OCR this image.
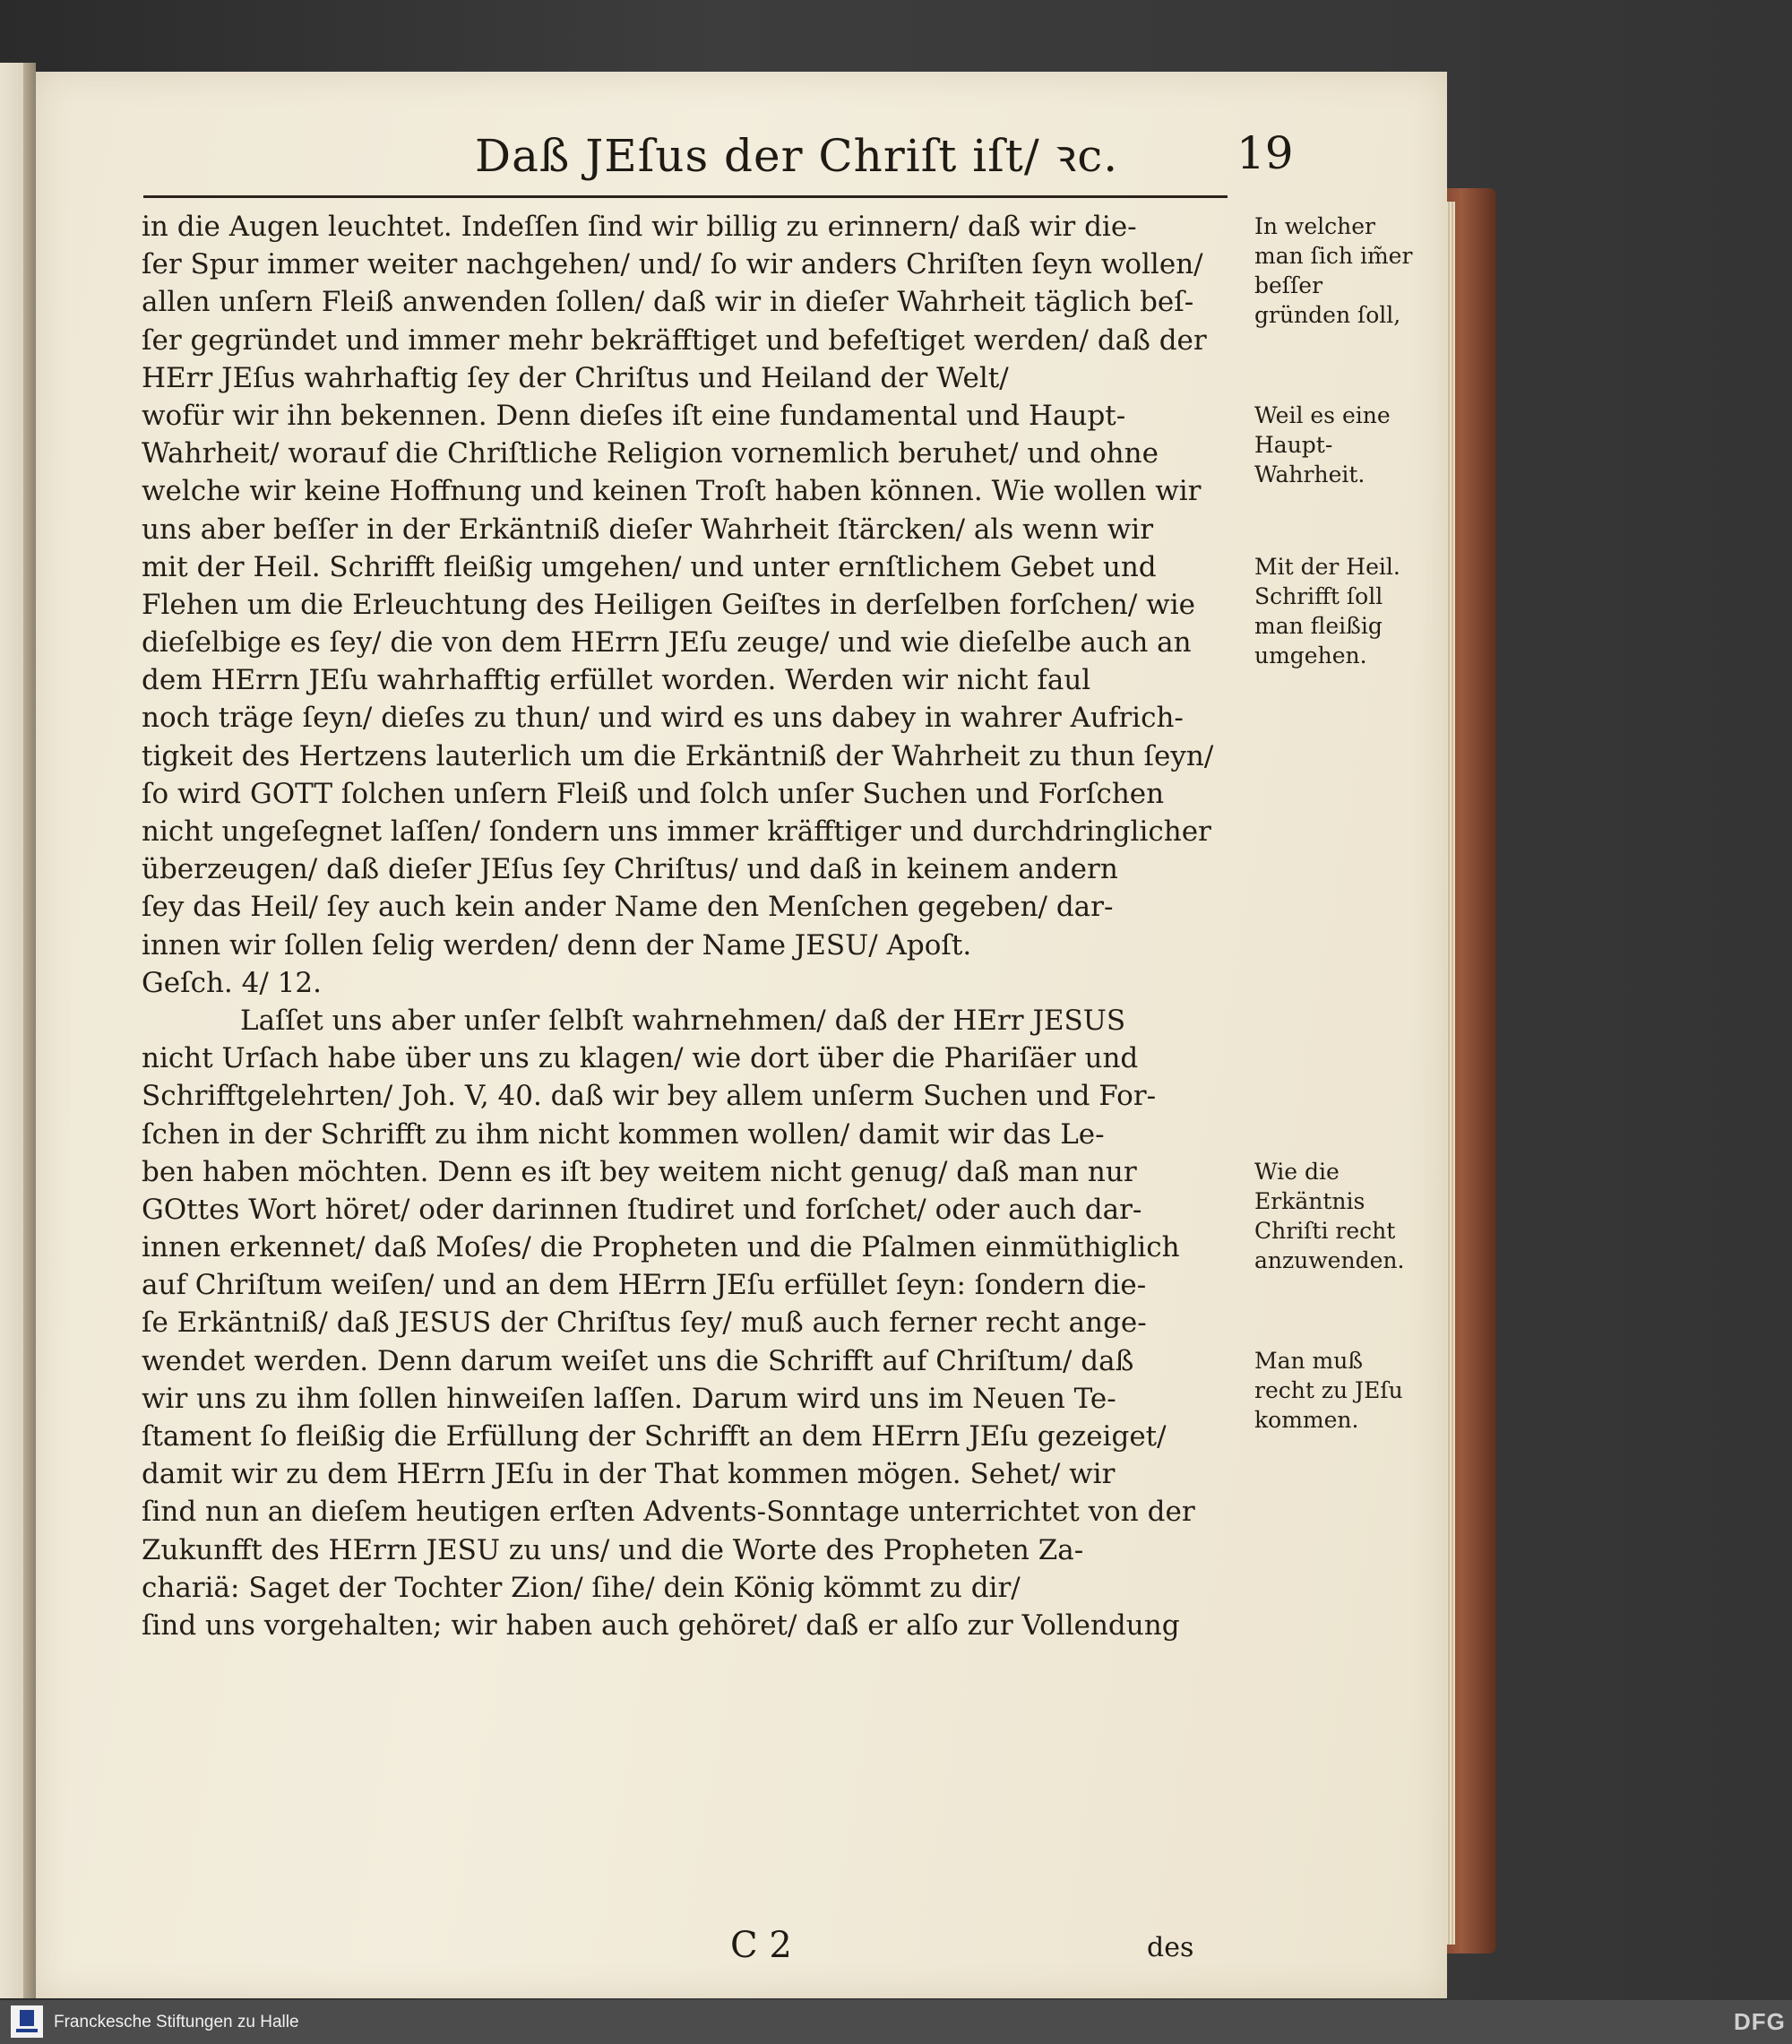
Daß JEſus der Chriſt iſt/ ꝛc.	19
in die Augen leuchtet. Indeſſen ſind wir billig zu erinnern/ daß wir die-
ſer Spur immer weiter nachgehen/ und/ ſo wir anders Chriſten ſeyn wollen/
allen unſern Fleiß anwenden ſollen/ daß wir in dieſer Wahrheit täglich beſ-
ſer gegründet und immer mehr bekräfftiget und befeſtiget werden/ daß der
HErr JEſus wahrhaftig ſey der Chriſtus und Heiland der Welt/
wofür wir ihn bekennen. Denn dieſes iſt eine fundamental und Haupt-
Wahrheit/ worauf die Chriſtliche Religion vornemlich beruhet/ und ohne
welche wir keine Hoffnung und keinen Troſt haben können. Wie wollen wir
uns aber beſſer in der Erkäntniß dieſer Wahrheit ſtärcken/ als wenn wir
mit der Heil. Schrifft fleißig umgehen/ und unter ernſtlichem Gebet und
Flehen um die Erleuchtung des Heiligen Geiſtes in derſelben forſchen/ wie
dieſelbige es ſey/ die von dem HErrn JEſu zeuge/ und wie dieſelbe auch an
dem HErrn JEſu wahrhafftig erfüllet worden. Werden wir nicht faul
noch träge ſeyn/ dieſes zu thun/ und wird es uns dabey in wahrer Aufrich-
tigkeit des Hertzens lauterlich um die Erkäntniß der Wahrheit zu thun ſeyn/
ſo wird GOTT ſolchen unſern Fleiß und ſolch unſer Suchen und Forſchen
nicht ungeſegnet laſſen/ ſondern uns immer kräfftiger und durchdringlicher
überzeugen/ daß dieſer JEſus ſey Chriſtus/ und daß in keinem andern
ſey das Heil/ ſey auch kein ander Name den Menſchen gegeben/ dar-
innen wir ſollen ſelig werden/ denn der Name JESU/ Apoſt.
Geſch. 4/ 12.
Laſſet uns aber unſer ſelbſt wahrnehmen/ daß der HErr JESUS
nicht Urſach habe über uns zu klagen/ wie dort über die Phariſäer und
Schrifftgelehrten/ Joh. V, 40. daß wir bey allem unſerm Suchen und For-
ſchen in der Schrifft zu ihm nicht kommen wollen/ damit wir das Le-
ben haben möchten. Denn es iſt bey weitem nicht genug/ daß man nur
GOttes Wort höret/ oder darinnen ſtudiret und forſchet/ oder auch dar-
innen erkennet/ daß Moſes/ die Propheten und die Pſalmen einmüthiglich
auf Chriſtum weiſen/ und an dem HErrn JEſu erfüllet ſeyn: ſondern die-
ſe Erkäntniß/ daß JESUS der Chriſtus ſey/ muß auch ferner recht ange-
wendet werden. Denn darum weiſet uns die Schrifft auf Chriſtum/ daß
wir uns zu ihm ſollen hinweiſen laſſen. Darum wird uns im Neuen Te-
ſtament ſo fleißig die Erfüllung der Schrifft an dem HErrn JEſu gezeiget/
damit wir zu dem HErrn JEſu in der That kommen mögen. Sehet/ wir
ſind nun an dieſem heutigen erſten Advents-Sonntage unterrichtet von der
Zukunfft des HErrn JESU zu uns/ und die Worte des Propheten Za-
chariä: Saget der Tochter Zion/ ſihe/ dein König kömmt zu dir/
ſind uns vorgehalten; wir haben auch gehöret/ daß er alſo zur Vollendung
In welcher man ſich im̃er beſſer gründen ſoll,
Weil es eine Haupt-Wahrheit.
Mit der Heil. Schrifft ſoll man fleißig umgehen.
Wie die Erkäntnis Chriſti recht anzuwenden.
Man muß recht zu JEſu kommen.
C 2	des
Franckesche Stiftungen zu Halle	DFG
